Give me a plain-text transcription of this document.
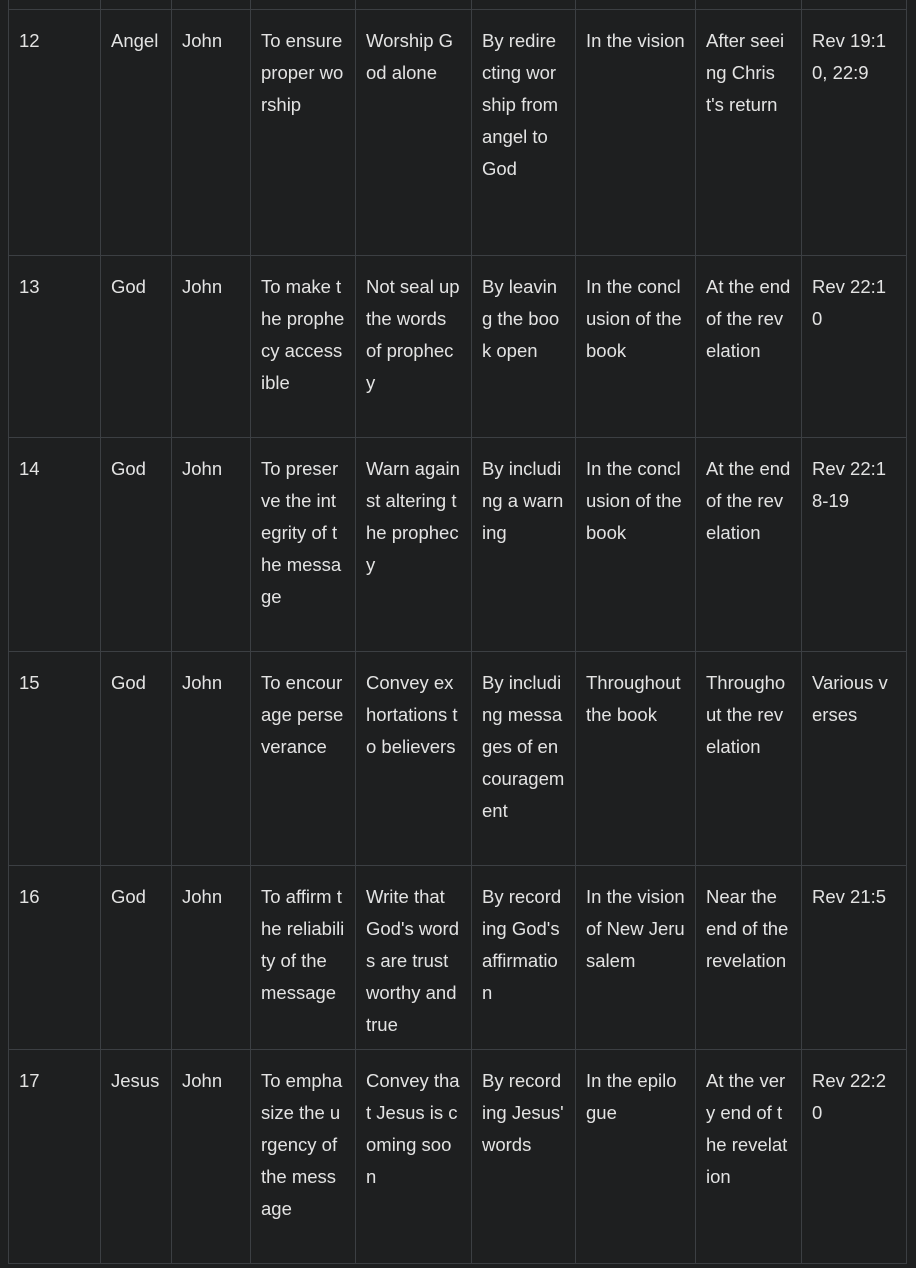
12	Angel	John	To ensure proper worship	Worship God alone	By redirecting worship from angel to God	In the vision	After seeing Christ's return	Rev 19:10, 22:9
13	God	John	To make the prophecy accessible	Not seal up the words of prophecy	By leaving the book open	In the conclusion of the book	At the end of the revelation	Rev 22:10
14	God	John	To preserve the integrity of the message	Warn against altering the prophecy	By including a warning	In the conclusion of the book	At the end of the revelation	Rev 22:18-19
15	God	John	To encourage perseverance	Convey exhortations to believers	By including messages of encouragement	Throughout the book	Throughout the revelation	Various verses
16	God	John	To affirm the reliability of the message	Write that God's words are trustworthy and true	By recording God's affirmation	In the vision of New Jerusalem	Near the end of the revelation	Rev 21:5
17	Jesus	John	To emphasize the urgency of the message	Convey that Jesus is coming soon	By recording Jesus' words	In the epilogue	At the very end of the revelation	Rev 22:20
